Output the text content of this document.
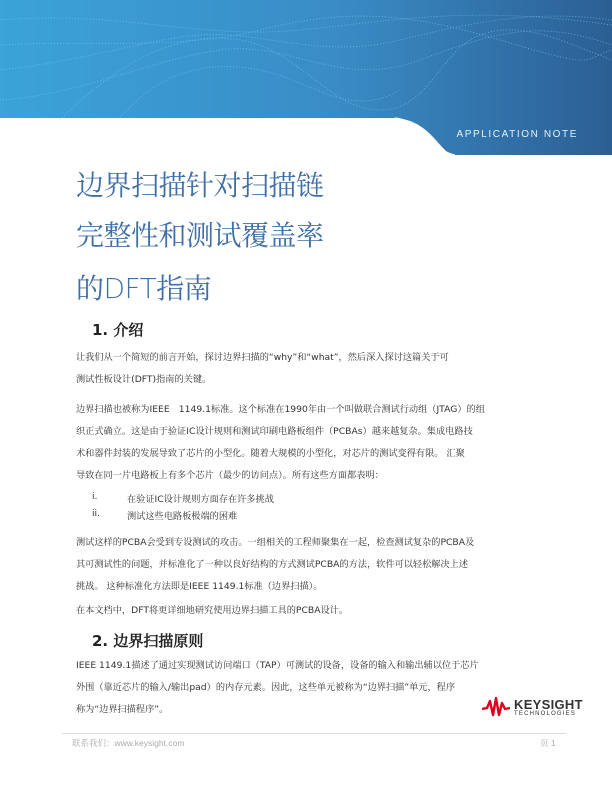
APPLICATION NOTE
边界扫描针对扫描链
完整性和测试覆盖率
的DFT指南
1. 介绍
让我们从一个简短的前言开始，探讨边界扫描的“why”和“what”，然后深入探讨这篇关于可
测试性板设计(DFT)指南的关键。
边界扫描也被称为IEEE　1149.1标准。这个标准在1990年由一个叫做联合测试行动组（JTAG）的组
织正式确立。这是由于验证IC设计规则和测试印刷电路板组件（PCBAs）越来越复杂。集成电路技
术和器件封装的发展导致了芯片的小型化。随着大规模的小型化，对芯片的测试变得有限。 汇聚
导致在同一片电路板上有多个芯片（最少的访问点）。所有这些方面都表明：
i.	在验证IC设计规则方面存在许多挑战
ii.	测试这些电路板极端的困难
测试这样的PCBA会受到专设测试的攻击。一组相关的工程师聚集在一起，检查测试复杂的PCBA及
其可测试性的问题，并标准化了一种以良好结构的方式测试PCBA的方法，软件可以轻松解决上述
挑战。 这种标准化方法即是IEEE 1149.1标准（边界扫描）。
在本文档中，DFT将更详细地研究使用边界扫描工具的PCBA设计。
2. 边界扫描原则
IEEE 1149.1描述了通过实现测试访问端口（TAP）可测试的设备，设备的输入和输出辅以位于芯片
外围（靠近芯片的输入/输出pad）的内存元素。因此，这些单元被称为“边界扫描”单元，程序
称为“边界扫描程序”。	KEYSIGHT
TECHNOLOGIES
联系我们：www.keysight.com	页 1
